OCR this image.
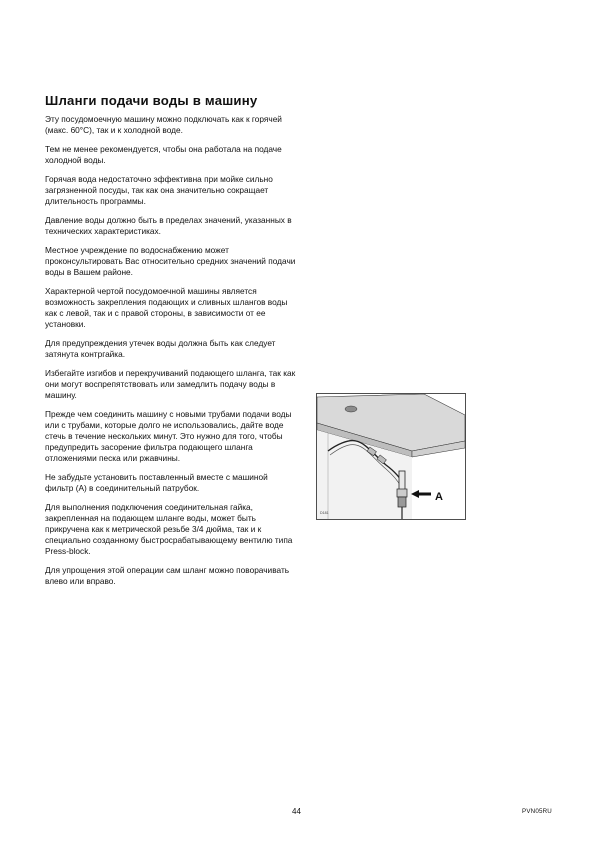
Шланги подачи воды в машину

Эту посудомоечную машину можно подключать как к горячей (макс. 60°С), так и к холодной воде.

Тем не менее рекомендуется, чтобы она работала на подаче холодной воды.

Горячая вода недостаточно эффективна при мойке сильно загрязненной посуды, так как она значительно сокращает длительность программы.

Давление воды должно быть в пределах значений, указанных в технических характеристиках.

Местное учреждение по водоснабжению может проконсультировать Вас относительно средних значений подачи воды в Вашем районе.

Характерной чертой посудомоечной машины является возможность закрепления подающих и сливных шлангов воды как с левой, так и с правой стороны, в зависимости от ее установки.

Для предупреждения утечек воды должна быть как следует затянута контргайка.

Избегайте изгибов и перекручиваний подающего шланга, так как они могут воспрепятствовать или замедлить подачу воды в машину.

Прежде чем соединить машину с новыми трубами подачи воды или с трубами, которые долго не использовались, дайте воде стечь в течение нескольких минут. Это нужно для того, чтобы предупредить засорение фильтра подающего шланга отложениями песка или ржавчины.

Не забудьте установить поставленный вместе с машиной фильтр (А) в соединительный патрубок.

Для выполнения подключения соединительная гайка, закрепленная на подающем шланге воды, может быть прикручена как к метрической резьбе 3/4 дюйма, так и к специально созданному быстросрабатывающему вентилю типа Press-block.

Для упрощения этой операции сам шланг можно поворачивать влево или вправо.

A
D181
44	PVN05RU
